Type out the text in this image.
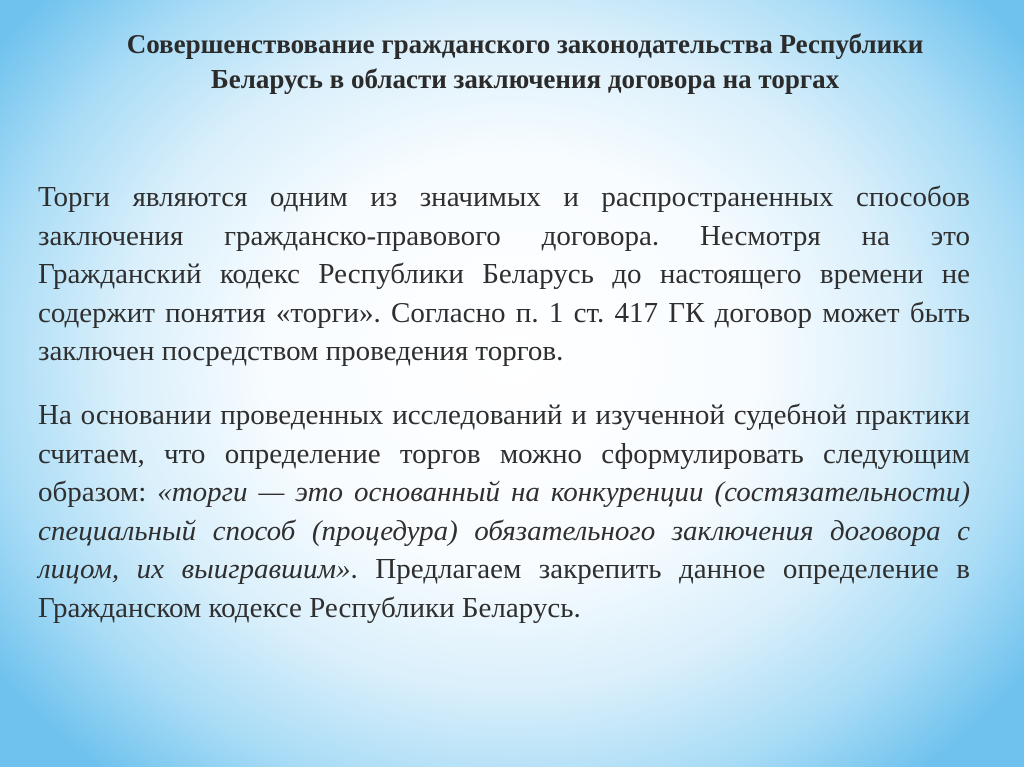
Совершенствование гражданского законодательства Республики Беларусь в области заключения договора на торгах

Торги являются одним из значимых и распространенных способов заключения гражданско-правового договора. Несмотря на это Гражданский кодекс Республики Беларусь до настоящего времени не содержит понятия «торги». Согласно п. 1 ст. 417 ГК договор может быть заключен посредством проведения торгов.

На основании проведенных исследований и изученной судебной практики считаем, что определение торгов можно сформулировать следующим образом: «торги — это основанный на конкуренции (состязательности) специальный способ (процедура) обязательного заключения договора с лицом, их выигравшим». Предлагаем закрепить данное определение в Гражданском кодексе Республики Беларусь.
